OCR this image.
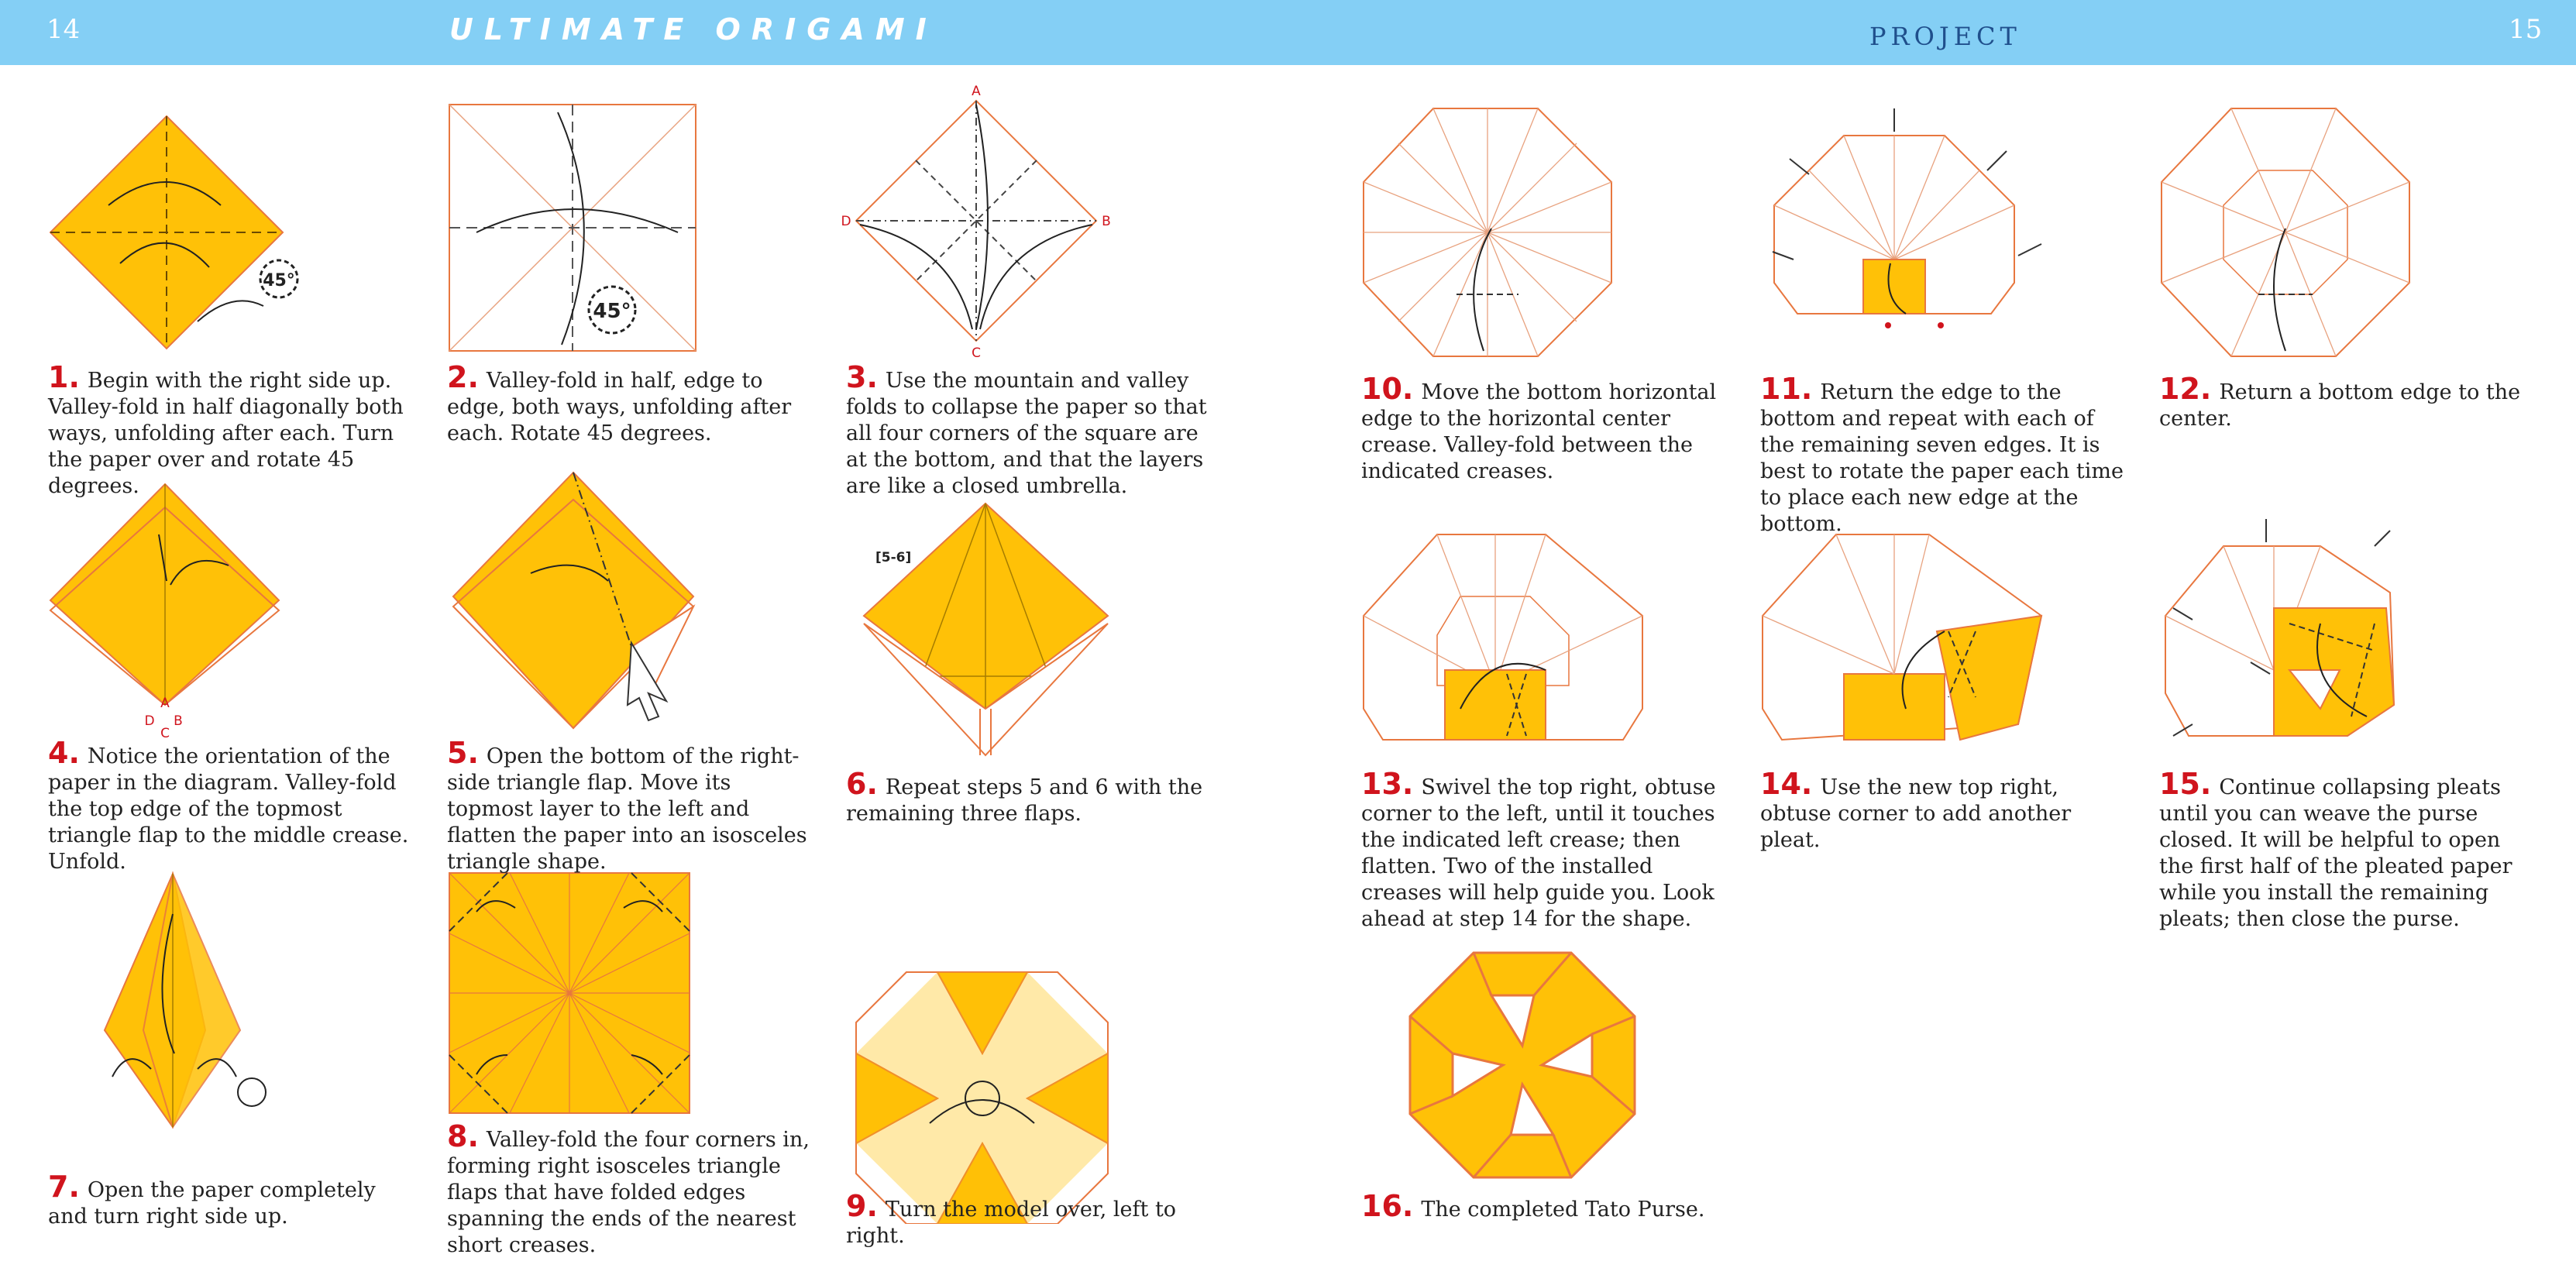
14	ULTIMATE ORIGAMI	PROJECT	15
45°
45°
A
B
C
D
A
D B
C
[5-6]
1. Begin with the right side up. Valley-fold in half diagonally both ways, unfolding after each. Turn the paper over and rotate 45 degrees.
2. Valley-fold in half, edge to edge, both ways, unfolding after each. Rotate 45 degrees.
3. Use the mountain and valley folds to collapse the paper so that all four corners of the square are at the bottom, and that the layers are like a closed umbrella.
4. Notice the orientation of the paper in the diagram. Valley-fold the top edge of the topmost triangle flap to the middle crease. Unfold.
5. Open the bottom of the right-side triangle flap. Move its topmost layer to the left and flatten the paper into an isosceles triangle shape.
6. Repeat steps 5 and 6 with the remaining three flaps.
7. Open the paper completely and turn right side up.
8. Valley-fold the four corners in, forming right isosceles triangle flaps that have folded edges spanning the ends of the nearest short creases.
9. Turn the model over, left to right.
10. Move the bottom horizontal edge to the horizontal center crease. Valley-fold between the indicated creases.
11. Return the edge to the bottom and repeat with each of the remaining seven edges. It is best to rotate the paper each time to place each new edge at the bottom.
12. Return a bottom edge to the center.
13. Swivel the top right, obtuse corner to the left, until it touches the indicated left crease; then flatten. Two of the installed creases will help guide you. Look ahead at step 14 for the shape.
14. Use the new top right, obtuse corner to add another pleat.
15. Continue collapsing pleats until you can weave the purse closed. It will be helpful to open the first half of the pleated paper while you install the remaining pleats; then close the purse.
16. The completed Tato Purse.
